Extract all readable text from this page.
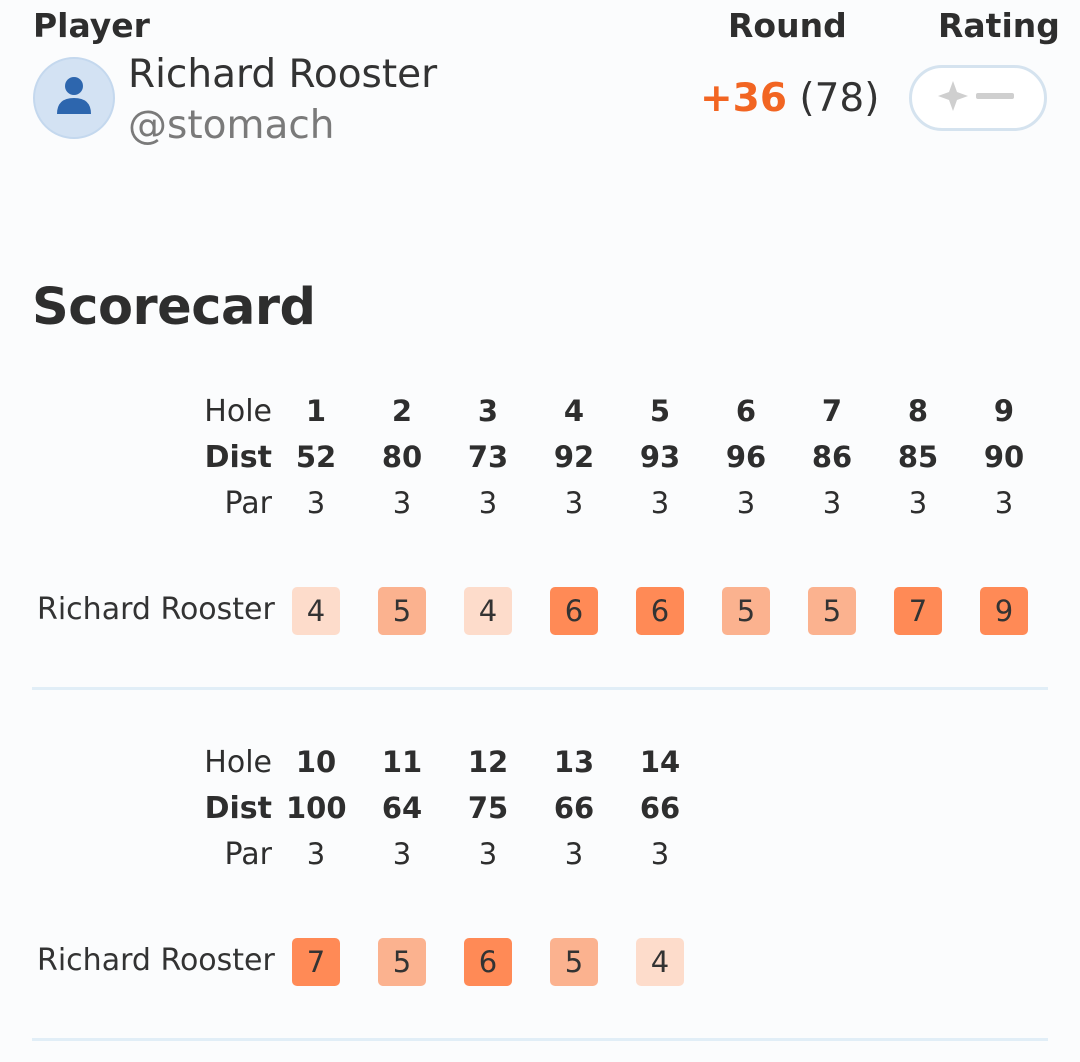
Player	Round	Rating
Richard Rooster
@stomach
+36 (78)
Scorecard
Hole	1	2	3	4	5	6	7	8	9
Dist 52	80	73	92	93	96	86	85	90
Par	3	3	3	3	3	3	3	3	3
Richard Rooster	4	5	4	6	6	5	5	7	9
Hole 10	11	12	13	14
Dist 100	64	75	66	66
Par	3	3	3	3	3
Richard Rooster	7	5	6	5	4
